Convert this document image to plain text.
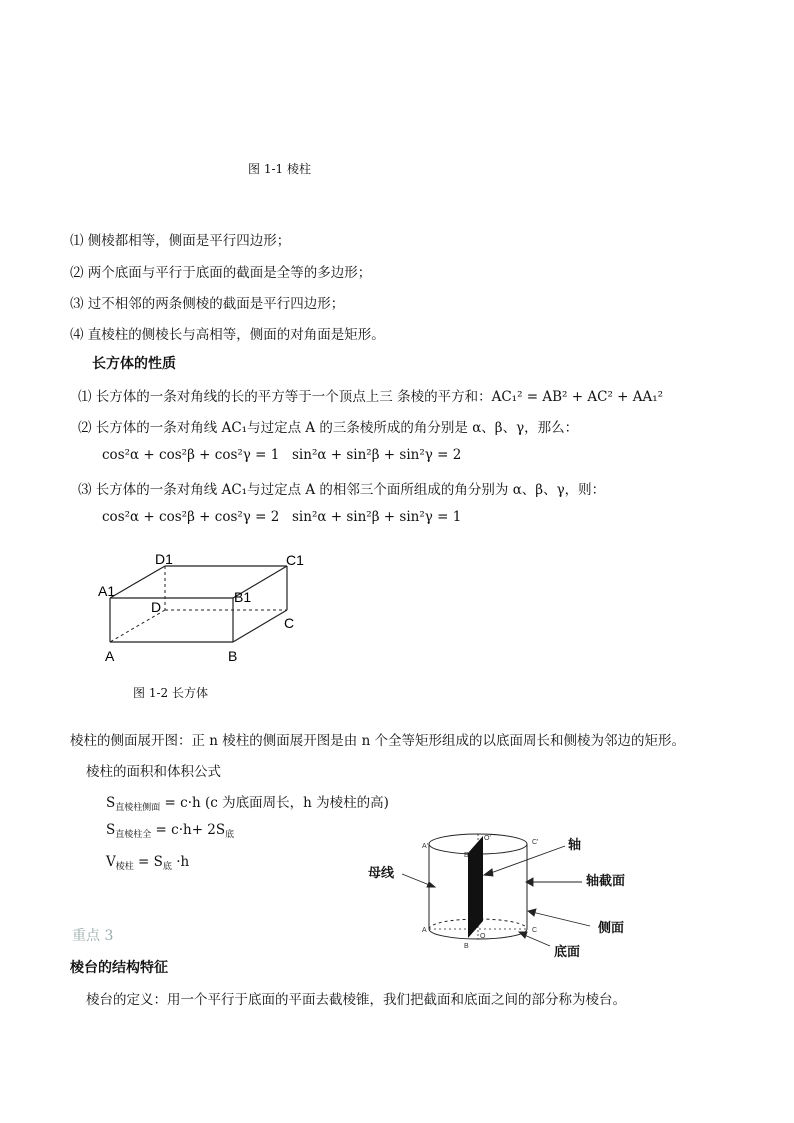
图 1-1 棱柱
⑴ 侧棱都相等，侧面是平行四边形；
⑵ 两个底面与平行于底面的截面是全等的多边形；
⑶ 过不相邻的两条侧棱的截面是平行四边形；
⑷ 直棱柱的侧棱长与高相等，侧面的对角面是矩形。
长方体的性质
⑴ 长方体的一条对角线的长的平方等于一个顶点上三 条棱的平方和：AC₁² = AB² + AC² + AA₁²
⑵ 长方体的一条对角线 AC₁与过定点 A 的三条棱所成的角分别是 α、β、γ，那么：
cos²α + cos²β + cos²γ = 1 sin²α + sin²β + sin²γ = 2
⑶ 长方体的一条对角线 AC₁与过定点 A 的相邻三个面所组成的角分别为 α、β、γ，则：
cos²α + cos²β + cos²γ = 2 sin²α + sin²β + sin²γ = 1
D1	C1
A1	B1
D
C
A	B
图 1-2 长方体
棱柱的侧面展开图：正 n 棱柱的侧面展开图是由 n 个全等矩形组成的以底面周长和侧棱为邻边的矩形。
棱柱的面积和体积公式
$S_{直棱柱侧面} = c\cdot h$ (c 为底面周长，h 为棱柱的高)
$S_{直棱柱全} = c\cdot h+ 2S_底$
$V_{棱柱} = S_底 \cdot h$
轴
母线
轴截面
侧面
底面
A'
C'
O'
B'
A	C
O
B
重点 3
棱台的结构特征
棱台的定义：用一个平行于底面的平面去截棱锥，我们把截面和底面之间的部分称为棱台。
